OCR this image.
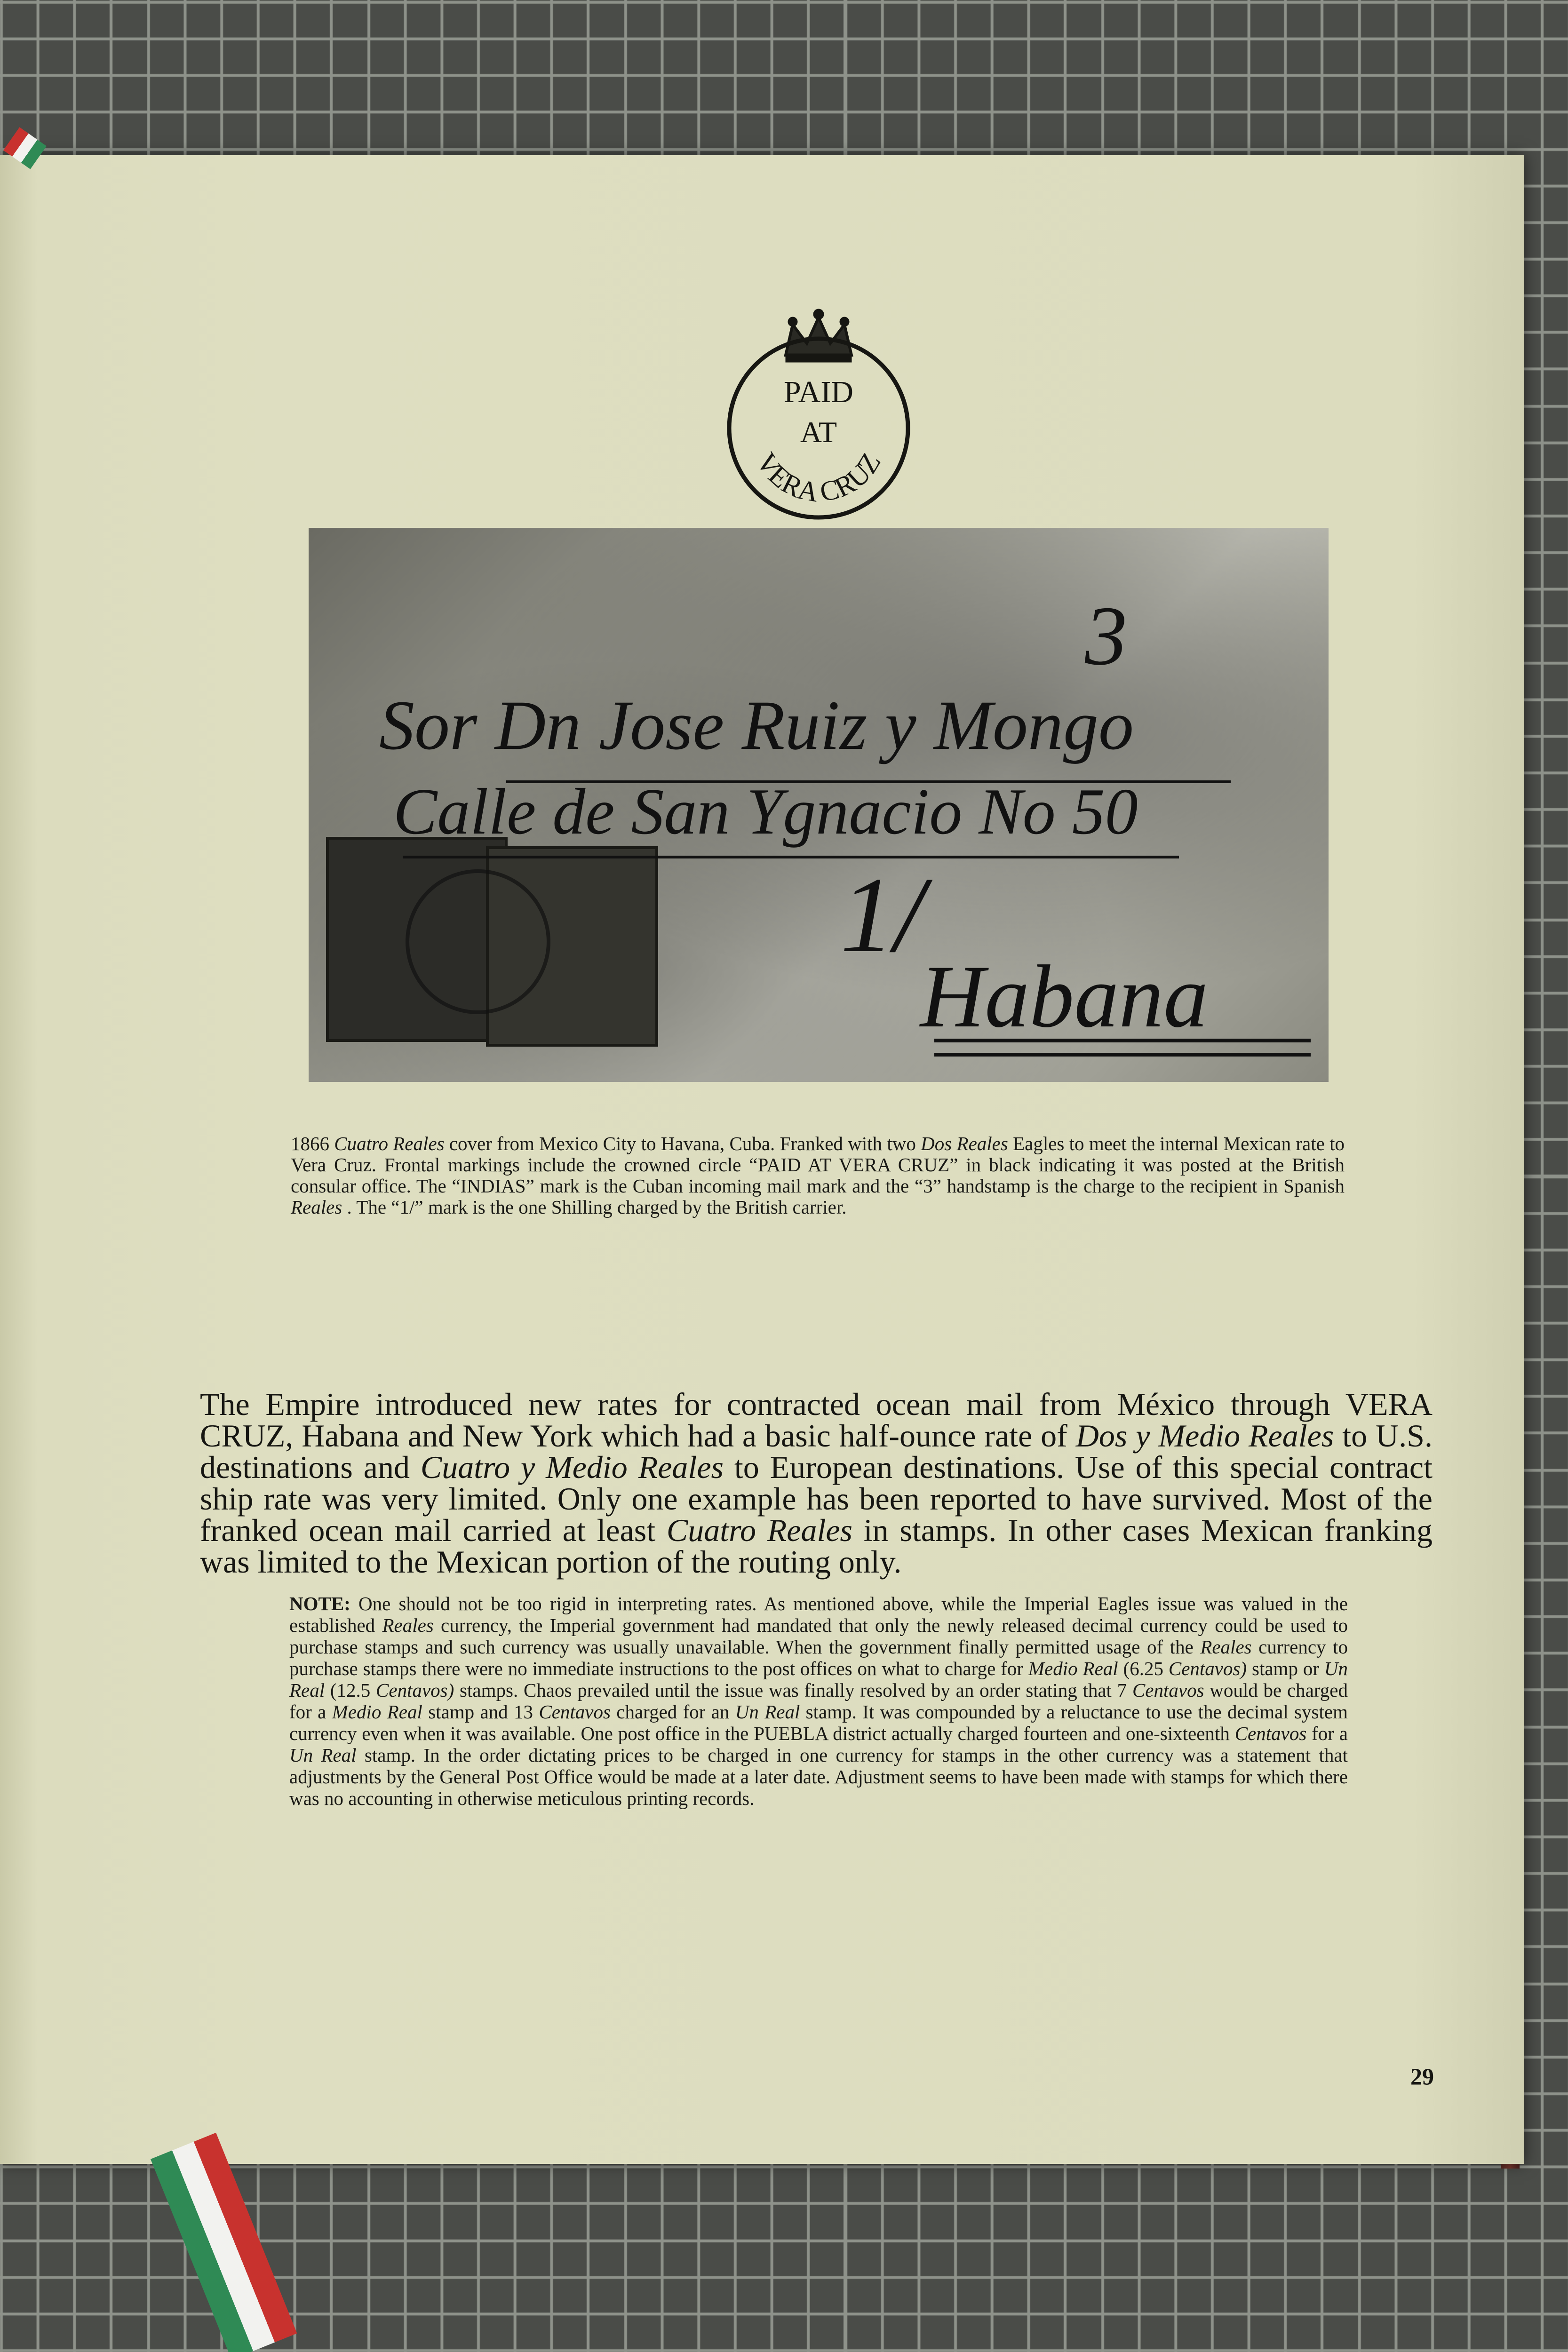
PAID
AT
VERA CRUZ
Sor Dn Jose Ruiz y Mongo
Calle de San Ygnacio No 50
Habana
1/
3

1866 Cuatro Reales cover from Mexico City to Havana, Cuba. Franked with two Dos Reales Eagles to meet the internal Mexican rate to Vera Cruz. Frontal markings include the crowned circle “PAID AT VERA CRUZ” in black indicating it was posted at the British consular office. The “INDIAS” mark is the Cuban incoming mail mark and the “3” handstamp is the charge to the recipient in Spanish Reales . The “1/” mark is the one Shilling charged by the British carrier.

The Empire introduced new rates for contracted ocean mail from México through VERA CRUZ, Habana and New York which had a basic half-ounce rate of Dos y Medio Reales to U.S. destinations and Cuatro y Medio Reales to European destinations. Use of this special contract ship rate was very limited. Only one example has been reported to have survived. Most of the franked ocean mail carried at least Cuatro Reales in stamps. In other cases Mexican franking was limited to the Mexican portion of the routing only.

NOTE: One should not be too rigid in interpreting rates. As mentioned above, while the Imperial Eagles issue was valued in the established Reales currency, the Imperial government had mandated that only the newly released decimal currency could be used to purchase stamps and such currency was usually unavailable. When the government finally permitted usage of the Reales currency to purchase stamps there were no immediate instructions to the post offices on what to charge for Medio Real (6.25 Centavos) stamp or Un Real (12.5 Centavos) stamps. Chaos prevailed until the issue was finally resolved by an order stating that 7 Centavos would be charged for a Medio Real stamp and 13 Centavos charged for an Un Real stamp. It was compounded by a reluctance to use the decimal system currency even when it was available. One post office in the PUEBLA district actually charged fourteen and one-sixteenth Centavos for a Un Real stamp. In the order dictating prices to be charged in one currency for stamps in the other currency was a statement that adjustments by the General Post Office would be made at a later date. Adjustment seems to have been made with stamps for which there was no accounting in otherwise meticulous printing records.

29
